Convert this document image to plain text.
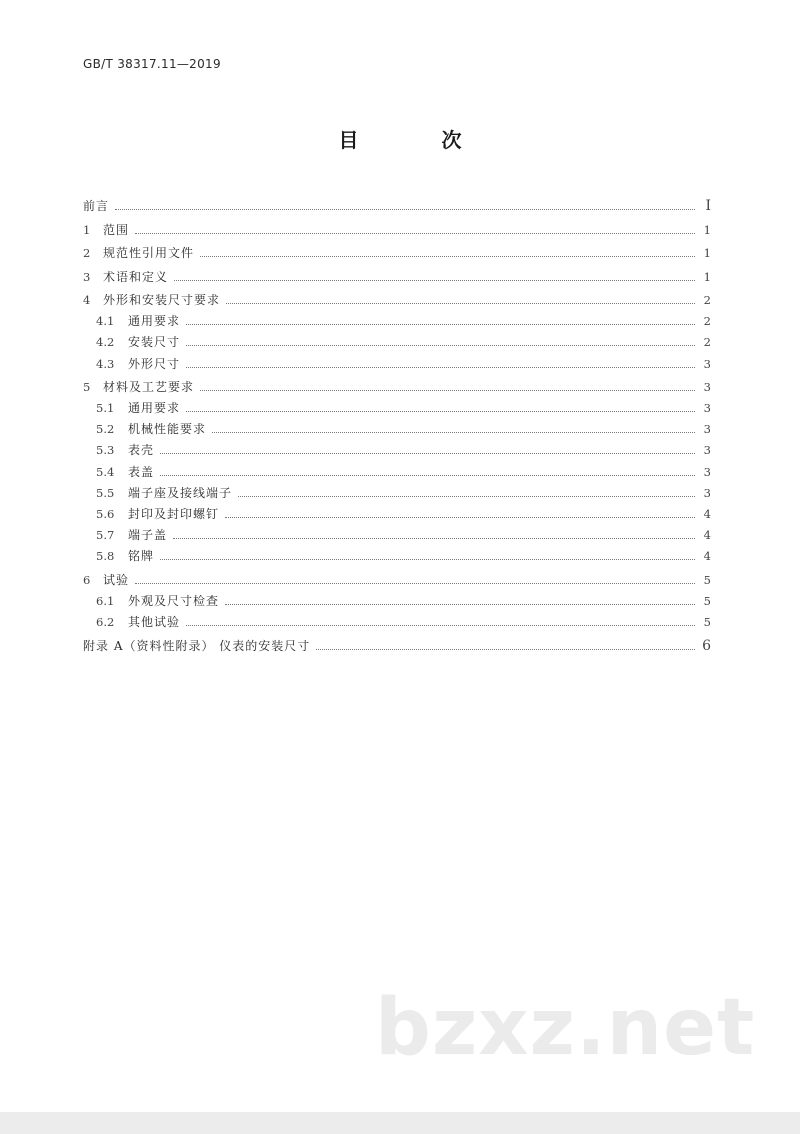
GB/T 38317.11—2019
目 次
前言	I
1	范围	1
2	规范性引用文件	1
3	术语和定义	1
4	外形和安装尺寸要求	2
4.1	通用要求	2
4.2	安装尺寸	2
4.3	外形尺寸	3
5	材料及工艺要求	3
5.1	通用要求	3
5.2	机械性能要求	3
5.3	表壳	3
5.4	表盖	3
5.5	端子座及接线端子	3
5.6	封印及封印螺钉	4
5.7	端子盖	4
5.8	铭牌	4
6	试验	5
6.1	外观及尺寸检查	5
6.2	其他试验	5
附录 A（资料性附录） 仪表的安装尺寸	6
bzxz.net
